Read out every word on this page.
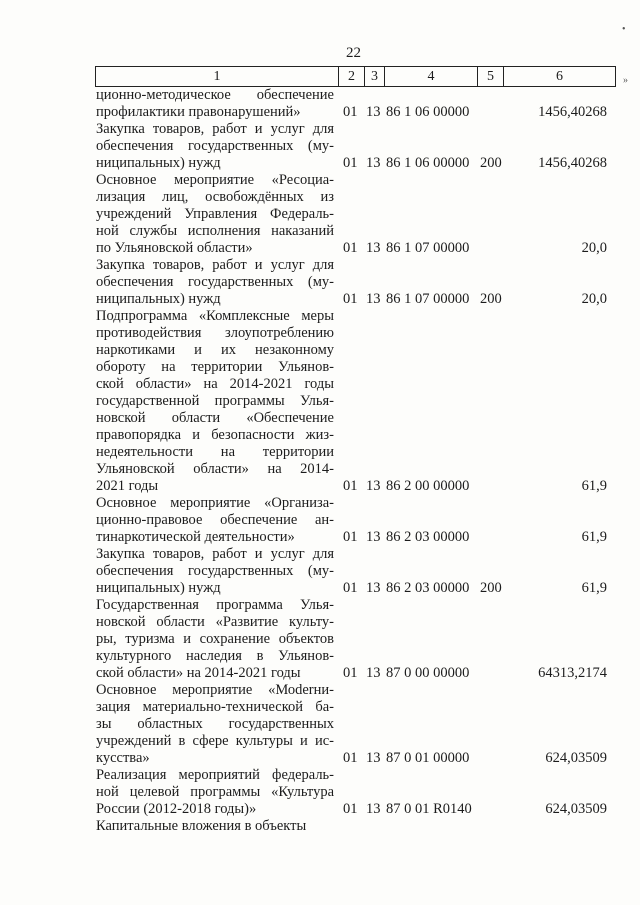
22
1	2	3	4	5	6
•
»
ционно-методическое обеспечение
профилактики правонарушений»	01 13 86 1 06 00000	1456,40268
Закупка товаров, работ и услуг для
обеспечения государственных (му-
ниципальных) нужд	01 13 86 1 06 00000 200	1456,40268
Основное мероприятие «Ресоциа-
лизация лиц, освобождённых из
учреждений Управления Федераль-
ной службы исполнения наказаний
по Ульяновской области»	01 13 86 1 07 00000	20,0
Закупка товаров, работ и услуг для
обеспечения государственных (му-
ниципальных) нужд	01 13 86 1 07 00000 200	20,0
Подпрограмма «Комплексные меры
противодействия злоупотреблению
наркотиками и их незаконному
обороту на территории Ульянов-
ской области» на 2014-2021 годы
государственной программы Улья-
новской области «Обеспечение
правопорядка и безопасности жиз-
недеятельности на территории
Ульяновской области» на 2014-
2021 годы	01 13 86 2 00 00000	61,9
Основное мероприятие «Организа-
ционно-правовое обеспечение ан-
тинаркотической деятельности»	01 13 86 2 03 00000	61,9
Закупка товаров, работ и услуг для
обеспечения государственных (му-
ниципальных) нужд	01 13 86 2 03 00000 200	61,9
Государственная программа Улья-
новской области «Развитие культу-
ры, туризма и сохранение объектов
культурного наследия в Ульянов-
ской области» на 2014-2021 годы	01 13 87 0 00 00000	64313,2174
Основное мероприятие «Моderни-
зация материально-технической ба-
зы областных государственных
учреждений в сфере культуры и ис-
кусства»	01 13 87 0 01 00000	624,03509
Реализация мероприятий федераль-
ной целевой программы «Культура
России (2012-2018 годы)»	01 13 87 0 01 R0140	624,03509
Капитальные вложения в объекты
